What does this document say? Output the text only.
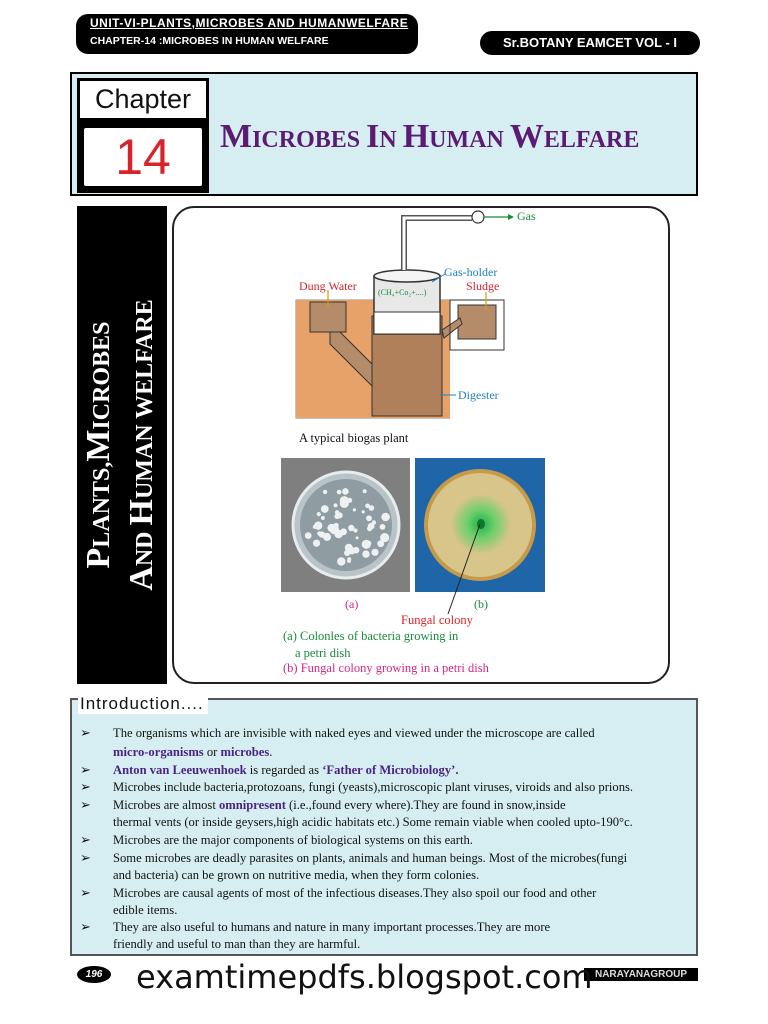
UNIT-VI-PLANTS,MICROBES AND HUMANWELFARE
CHAPTER-14 :MICROBES IN HUMAN WELFARE	Sr.BOTANY EAMCET VOL - I
Chapter
14	MICROBES IN HUMAN WELFARE
PLANTS,MICROBES
AND HUMAN WELFARE
Gas
Gas-holder
Dung Water	Sludge
(CH₄+Co₂+....)
Digester
A typical biogas plant
(a)	(b)
Fungal colony
(a) Colonles of bacteria growing in
a petri dish
(b) Fungal colony growing in a petri dish
Introduction....
➢ The organisms which are invisible with naked eyes and viewed under the microscope are called
micro-organisms or microbes.
➢ Anton van Leeuwenhoek is regarded as ‘Father of Microbiology’.
➢ Microbes include bacteria,protozoans, fungi (yeasts),microscopic plant viruses, viroids and also prions.
➢ Microbes are almost omnipresent (i.e.,found every where).They are found in snow,inside
thermal vents (or inside geysers,high acidic habitats etc.) Some remain viable when cooled upto-190°c.
➢ Microbes are the major components of biological systems on this earth.
➢ Some microbes are deadly parasites on plants, animals and human beings. Most of the microbes(fungi
and bacteria) can be grown on nutritive media, when they form colonies.
➢ Microbes are causal agents of most of the infectious diseases.They also spoil our food and other
edible items.
➢ They are also useful to humans and nature in many important processes.They are more
friendly and useful to man than they are harmful.
196	NARAYANAGROUP
examtimepdfs.blogspot.com
